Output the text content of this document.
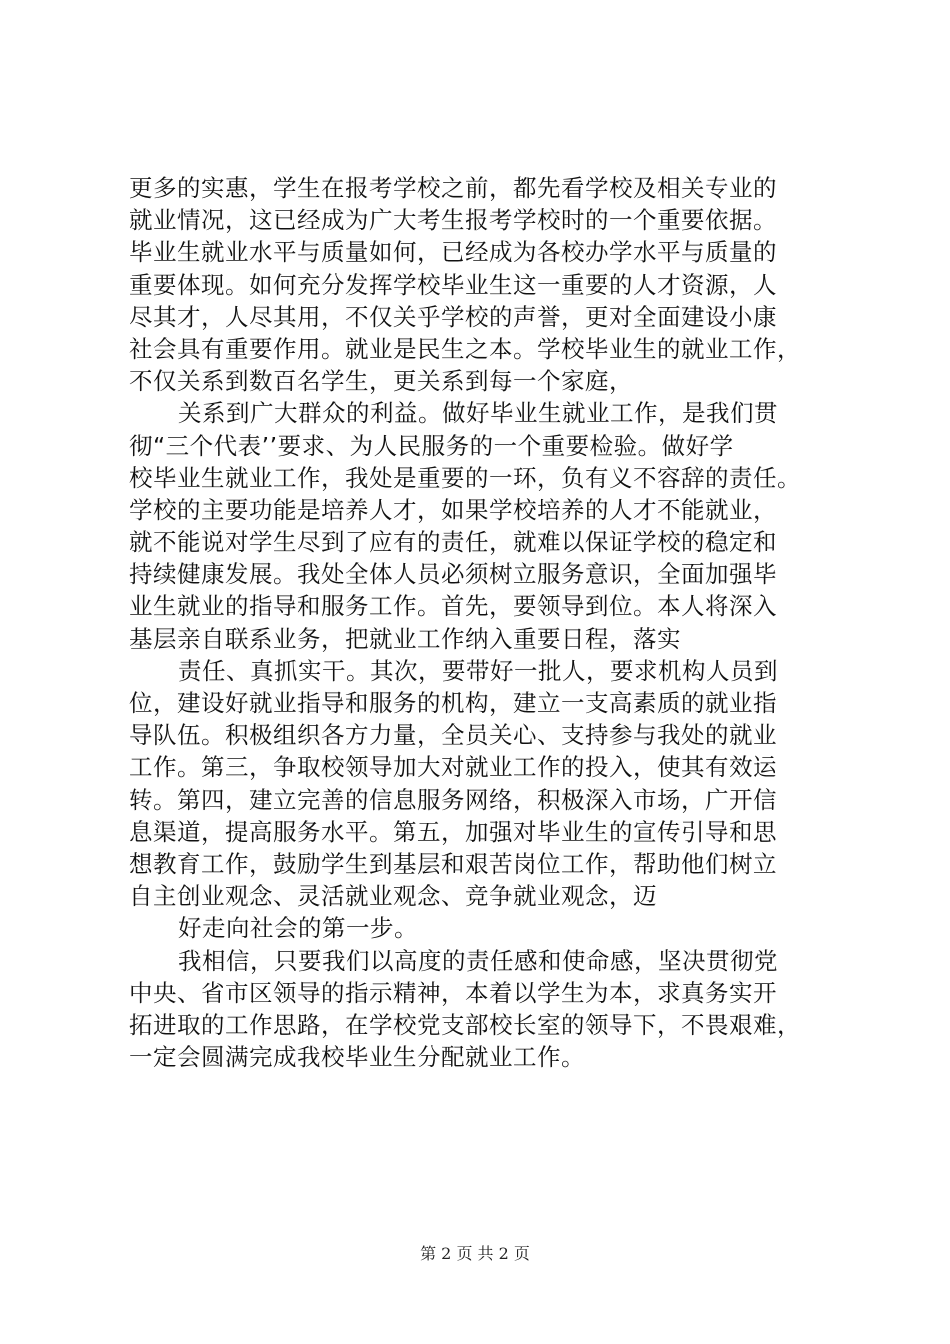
更多的实惠，学生在报考学校之前，都先看学校及相关专业的
就业情况，这已经成为广大考生报考学校时的一个重要依据。
毕业生就业水平与质量如何，已经成为各校办学水平与质量的
重要体现。如何充分发挥学校毕业生这一重要的人才资源，人
尽其才，人尽其用，不仅关乎学校的声誉，更对全面建设小康
社会具有重要作用。就业是民生之本。学校毕业生的就业工作，
不仅关系到数百名学生，更关系到每一个家庭，
关系到广大群众的利益。做好毕业生就业工作，是我们贯
彻“三个代表’’要求、为人民服务的一个重要检验。做好学
校毕业生就业工作，我处是重要的一环，负有义不容辞的责任。
学校的主要功能是培养人才，如果学校培养的人才不能就业，
就不能说对学生尽到了应有的责任，就难以保证学校的稳定和
持续健康发展。我处全体人员必须树立服务意识，全面加强毕
业生就业的指导和服务工作。首先，要领导到位。本人将深入
基层亲自联系业务，把就业工作纳入重要日程，落实
责任、真抓实干。其次，要带好一批人，要求机构人员到
位，建设好就业指导和服务的机构，建立一支高素质的就业指
导队伍。积极组织各方力量，全员关心、支持参与我处的就业
工作。第三，争取校领导加大对就业工作的投入，使其有效运
转。第四，建立完善的信息服务网络，积极深入市场，广开信
息渠道，提高服务水平。第五，加强对毕业生的宣传引导和思
想教育工作，鼓励学生到基层和艰苦岗位工作，帮助他们树立
自主创业观念、灵活就业观念、竞争就业观念，迈
好走向社会的第一步。
我相信，只要我们以高度的责任感和使命感，坚决贯彻党
中央、省市区领导的指示精神，本着以学生为本，求真务实开
拓进取的工作思路，在学校党支部校长室的领导下，不畏艰难，
一定会圆满完成我校毕业生分配就业工作。
第 2 页 共 2 页
